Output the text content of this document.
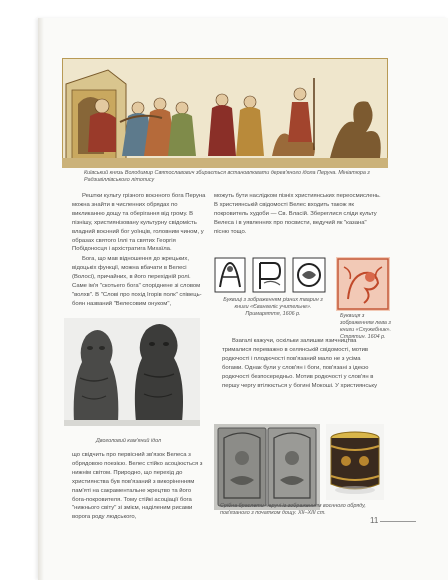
Київський князь Володимир Святославович збирається встановлювати дерев'яного ідола Перуна. Мініатюра з Радзивіллівського літопису

Рештки культу грізного воєнного бога Перуна можна знайти в численних обрядах по викликанню дощу та оберігання від грому. В пізнішу, християнізовану культурну свідомість владний воєнний бог уоїнців, головним чином, у образах святого Іллі та святих Георгія Побідоносця і архістратига Михаїла.

Бога, що мав відношення до жрецьких, відоцькіх функції, можна вбачати в Велесі (Волосі), причайних, в його перехідній ролі. Саме ім'я "скотьего бога" споріднене зі словом "волхв". В "Слові про похід Ігорів полк" співець-боян названий "Велесовим онуком",

Двоголовий кам'яний ідол

що свідчить про первісний зв'язок Велеса з обрядовою поезією. Велес стійко асоціюється з нижнім світом. Природно, що перехід до християнства був пов'язаний з викоріненням пам'яті на сакраментальне жрецтво та його бога-покровителя. Тому стійкі асоціації бога "нижнього світу" зі змієм, наділеним рисами ворога роду людського,

можуть бути наслідком пізніх християнських переосмислень. В християнській свідомості Велес входить також як покровитель худоби — Св. Власій. Збереглися сліди культу Велеса і в уявленнях про посвисти, ведучий як "казана" пісню тощо.

Буквиці з зображенням різних тварин з книги «Євангеліє учительне». Примаряття, 1606 р.	Буквиця з зображенням лева з книги «Служебник». Стрятин. 1604 р.

Взагалі кажучи, оскільки залишки язичництва трималися переважно в селянській свідомості, мотив родючості і плодючості пов'язаний мало не з усіма богами. Однак були у слов'ян і боги, пов'язані з ідеєю родючості безпосередньо. Мотив родючості у слов'ян в першу чергу втілюється у богині Мокоші. У християнську

Срібна браслети-наручі із зображенням воєнного обряду, пов'язаного з початком дощу. ХII–ХIII ст.

11
